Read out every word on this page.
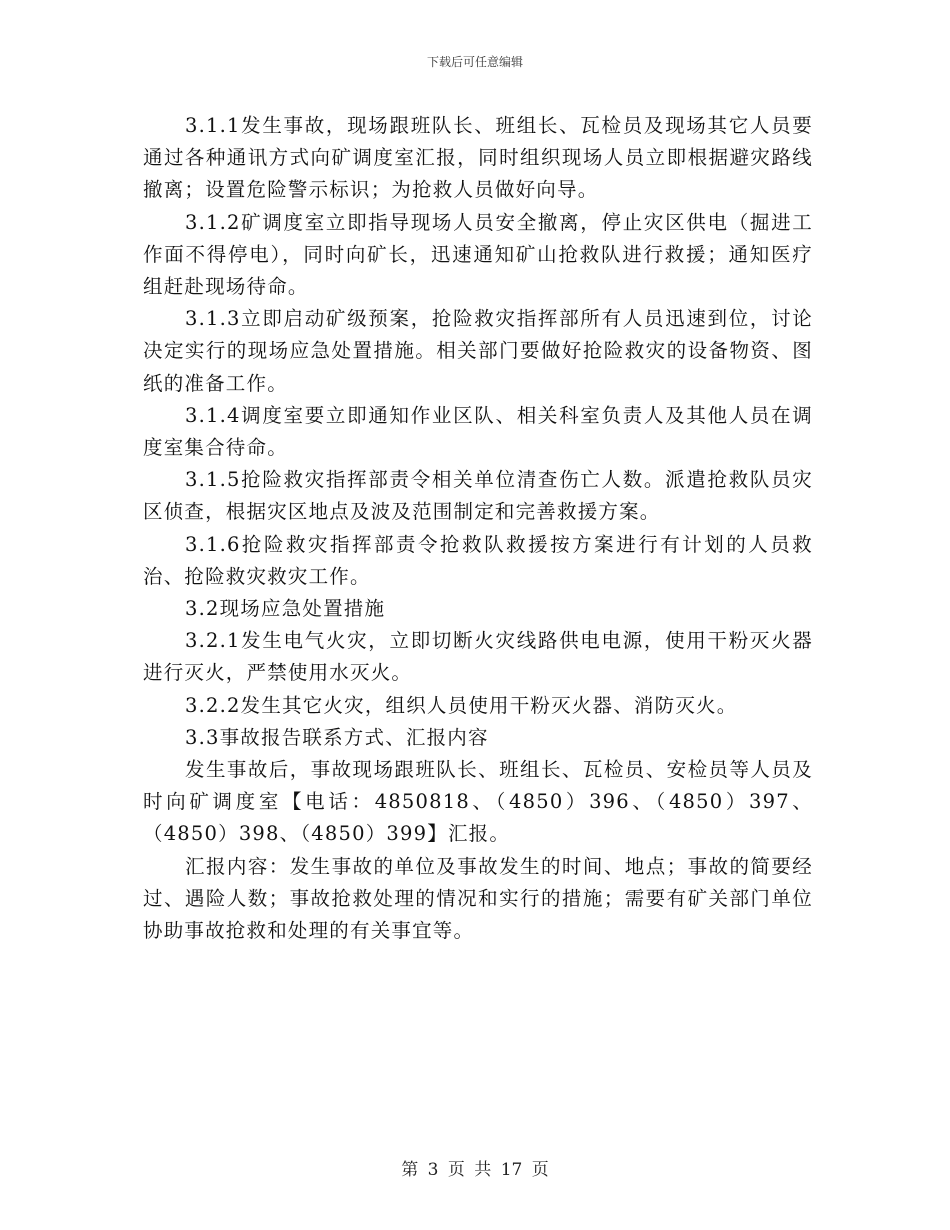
下载后可任意编辑

3.1.1发生事故，现场跟班队长、班组长、瓦检员及现场其它人员要通过各种通讯方式向矿调度室汇报，同时组织现场人员立即根据避灾路线撤离；设置危险警示标识；为抢救人员做好向导。

3.1.2矿调度室立即指导现场人员安全撤离，停止灾区供电（掘进工作面不得停电），同时向矿长，迅速通知矿山抢救队进行救援；通知医疗组赶赴现场待命。

3.1.3立即启动矿级预案，抢险救灾指挥部所有人员迅速到位，讨论决定实行的现场应急处置措施。相关部门要做好抢险救灾的设备物资、图纸的准备工作。

3.1.4调度室要立即通知作业区队、相关科室负责人及其他人员在调度室集合待命。

3.1.5抢险救灾指挥部责令相关单位清查伤亡人数。派遣抢救队员灾区侦查，根据灾区地点及波及范围制定和完善救援方案。

3.1.6抢险救灾指挥部责令抢救队救援按方案进行有计划的人员救治、抢险救灾救灾工作。

3.2现场应急处置措施

3.2.1发生电气火灾，立即切断火灾线路供电电源，使用干粉灭火器进行灭火，严禁使用水灭火。

3.2.2发生其它火灾，组织人员使用干粉灭火器、消防灭火。

3.3事故报告联系方式、汇报内容

发生事故后，事故现场跟班队长、班组长、瓦检员、安检员等人员及时向矿调度室【电话：4850818、（4850）396、（4850）397、（4850）398、（4850）399】汇报。

汇报内容：发生事故的单位及事故发生的时间、地点；事故的简要经过、遇险人数；事故抢救处理的情况和实行的措施；需要有矿关部门单位协助事故抢救和处理的有关事宜等。

第 3 页 共 17 页
